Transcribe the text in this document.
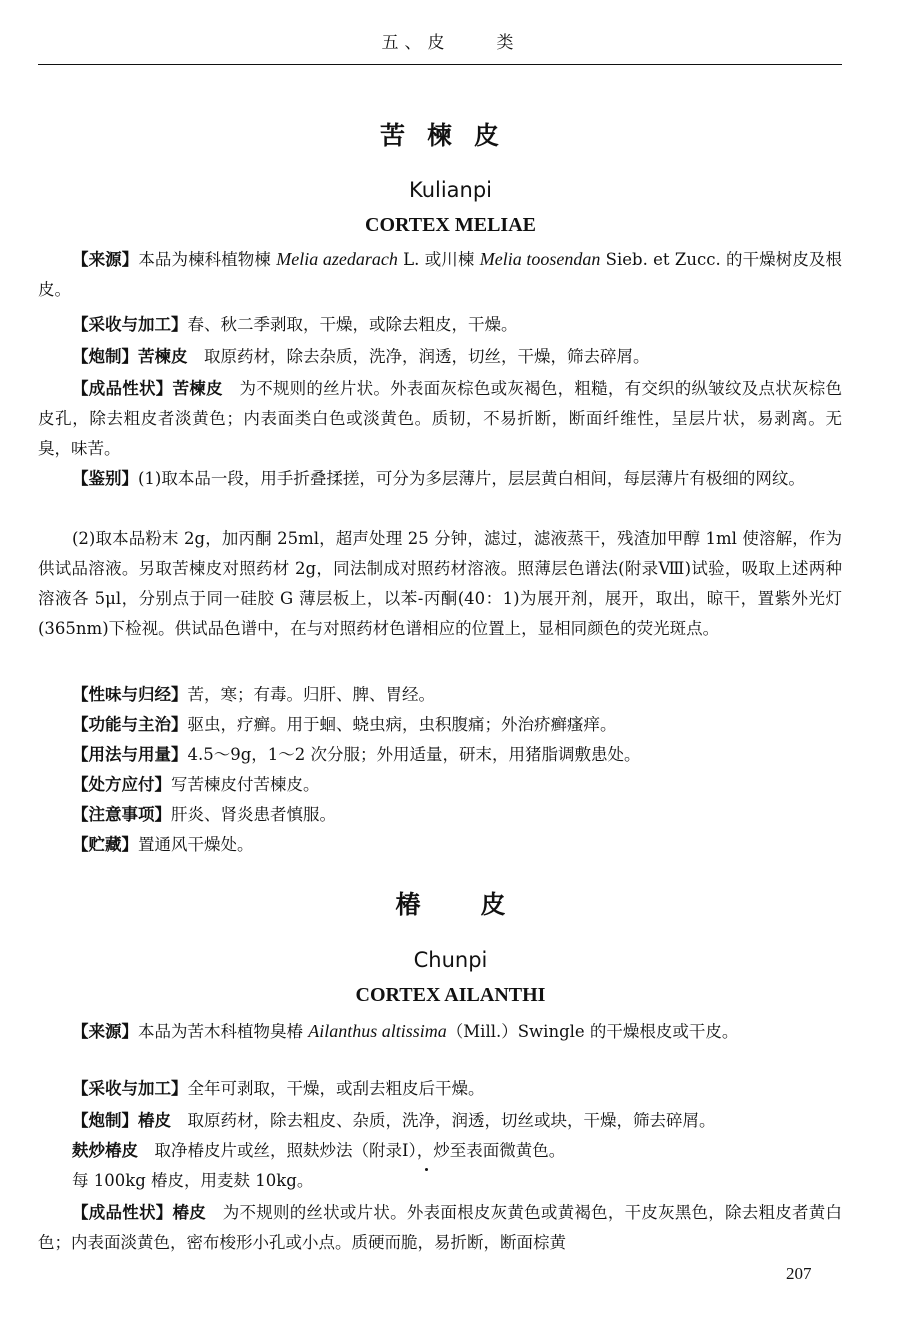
五、皮　　类
苦楝皮
Kulianpi
CORTEX MELIAE
【来源】本品为楝科植物楝 Melia azedarach L. 或川楝 Melia toosendan Sieb. et Zucc. 的干燥树皮及根皮。
【采收与加工】春、秋二季剥取，干燥，或除去粗皮，干燥。
【炮制】苦楝皮　取原药材，除去杂质，洗净，润透，切丝，干燥，筛去碎屑。
【成品性状】苦楝皮　为不规则的丝片状。外表面灰棕色或灰褐色，粗糙，有交织的纵皱纹及点状灰棕色皮孔，除去粗皮者淡黄色；内表面类白色或淡黄色。质韧，不易折断，断面纤维性，呈层片状，易剥离。无臭，味苦。
【鉴别】(1)取本品一段，用手折叠揉搓，可分为多层薄片，层层黄白相间，每层薄片有极细的网纹。
(2)取本品粉末 2g，加丙酮 25ml，超声处理 25 分钟，滤过，滤液蒸干，残渣加甲醇 1ml 使溶解，作为供试品溶液。另取苦楝皮对照药材 2g，同法制成对照药材溶液。照薄层色谱法(附录Ⅷ)试验，吸取上述两种溶液各 5μl，分别点于同一硅胶 G 薄层板上，以苯-丙酮(40：1)为展开剂，展开，取出，晾干，置紫外光灯(365nm)下检视。供试品色谱中，在与对照药材色谱相应的位置上，显相同颜色的荧光斑点。
【性味与归经】苦，寒；有毒。归肝、脾、胃经。
【功能与主治】驱虫，疗癣。用于蛔、蛲虫病，虫积腹痛；外治疥癣瘙痒。
【用法与用量】4.5～9g，1～2 次分服；外用适量，研末，用猪脂调敷患处。
【处方应付】写苦楝皮付苦楝皮。
【注意事项】肝炎、肾炎患者慎服。
【贮藏】置通风干燥处。
椿皮
Chunpi
CORTEX AILANTHI
【来源】本品为苦木科植物臭椿 Ailanthus altissima（Mill.）Swingle 的干燥根皮或干皮。
【采收与加工】全年可剥取，干燥，或刮去粗皮后干燥。
【炮制】椿皮　取原药材，除去粗皮、杂质，洗净，润透，切丝或块，干燥，筛去碎屑。
麸炒椿皮　取净椿皮片或丝，照麸炒法（附录Ⅰ），炒至表面微黄色。
每 100kg 椿皮，用麦麸 10kg。
【成品性状】椿皮　为不规则的丝状或片状。外表面根皮灰黄色或黄褐色，干皮灰黑色，除去粗皮者黄白色；内表面淡黄色，密布梭形小孔或小点。质硬而脆，易折断，断面棕黄
207
